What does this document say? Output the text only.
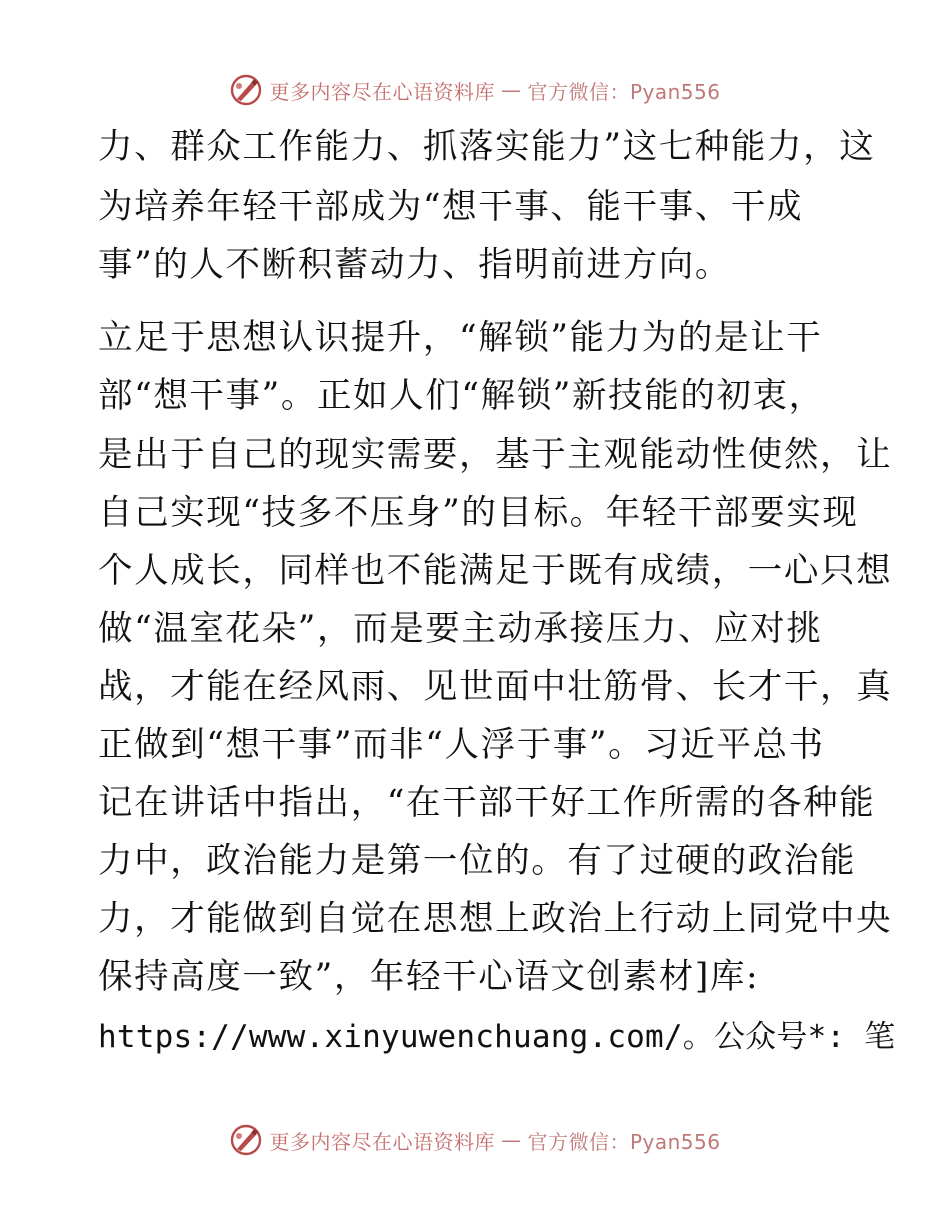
更多内容尽在心语资料库 — 官方微信：Pyan556
力、群众工作能力、抓落实能力”这七种能力，这
为培养年轻干部成为“想干事、能干事、干成
事”的人不断积蓄动力、指明前进方向。
立足于思想认识提升，“解锁”能力为的是让干
部“想干事”。正如人们“解锁”新技能的初衷，
是出于自己的现实需要，基于主观能动性使然，让
自己实现“技多不压身”的目标。年轻干部要实现
个人成长，同样也不能满足于既有成绩，一心只想
做“温室花朵”，而是要主动承接压力、应对挑
战，才能在经风雨、见世面中壮筋骨、长才干，真
正做到“想干事”而非“人浮于事”。习近平总书
记在讲话中指出，“在干部干好工作所需的各种能
力中，政治能力是第一位的。有了过硬的政治能
力，才能做到自觉在思想上政治上行动上同党中央
保持高度一致”，年轻干心语文创素材]库:
https://www.xinyuwenchuang.com/。公众号*: 笔
更多内容尽在心语资料库 — 官方微信：Pyan556
